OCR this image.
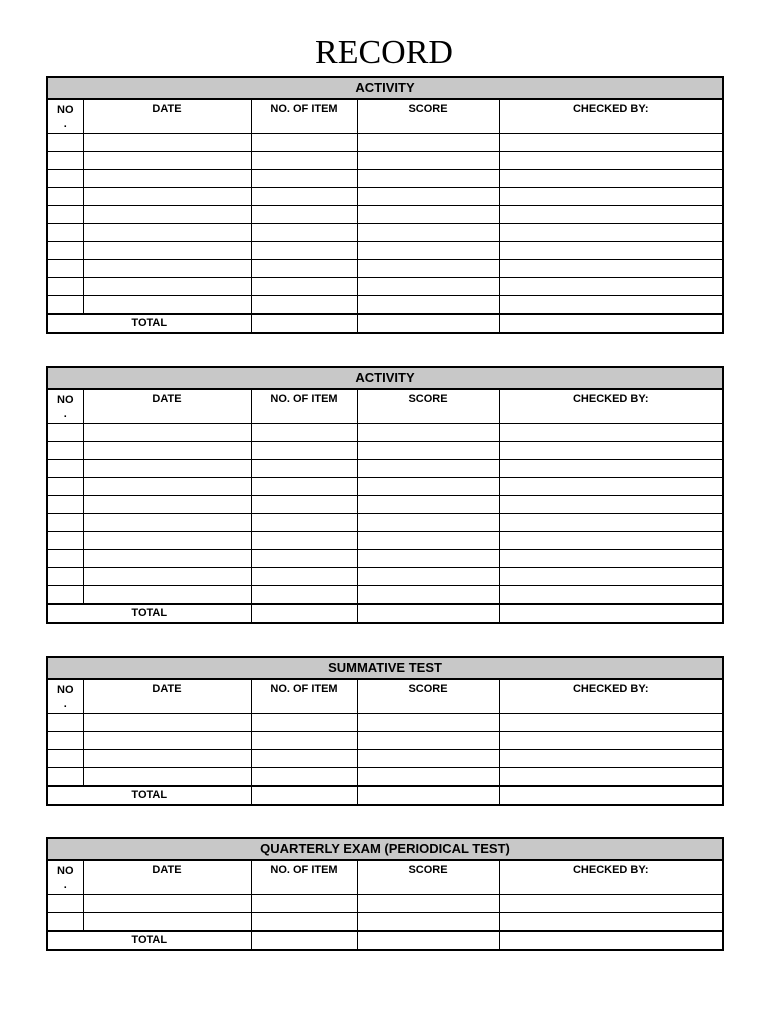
RECORD
ACTIVITY				
NO
.	DATE	NO. OF ITEM	SCORE	CHECKED BY:

TOTAL				
ACTIVITY				
NO
.	DATE	NO. OF ITEM	SCORE	CHECKED BY:

TOTAL				
SUMMATIVE TEST				
NO
.	DATE	NO. OF ITEM	SCORE	CHECKED BY:

TOTAL				
QUARTERLY EXAM (PERIODICAL TEST)				
NO
.	DATE	NO. OF ITEM	SCORE	CHECKED BY:

TOTAL				
